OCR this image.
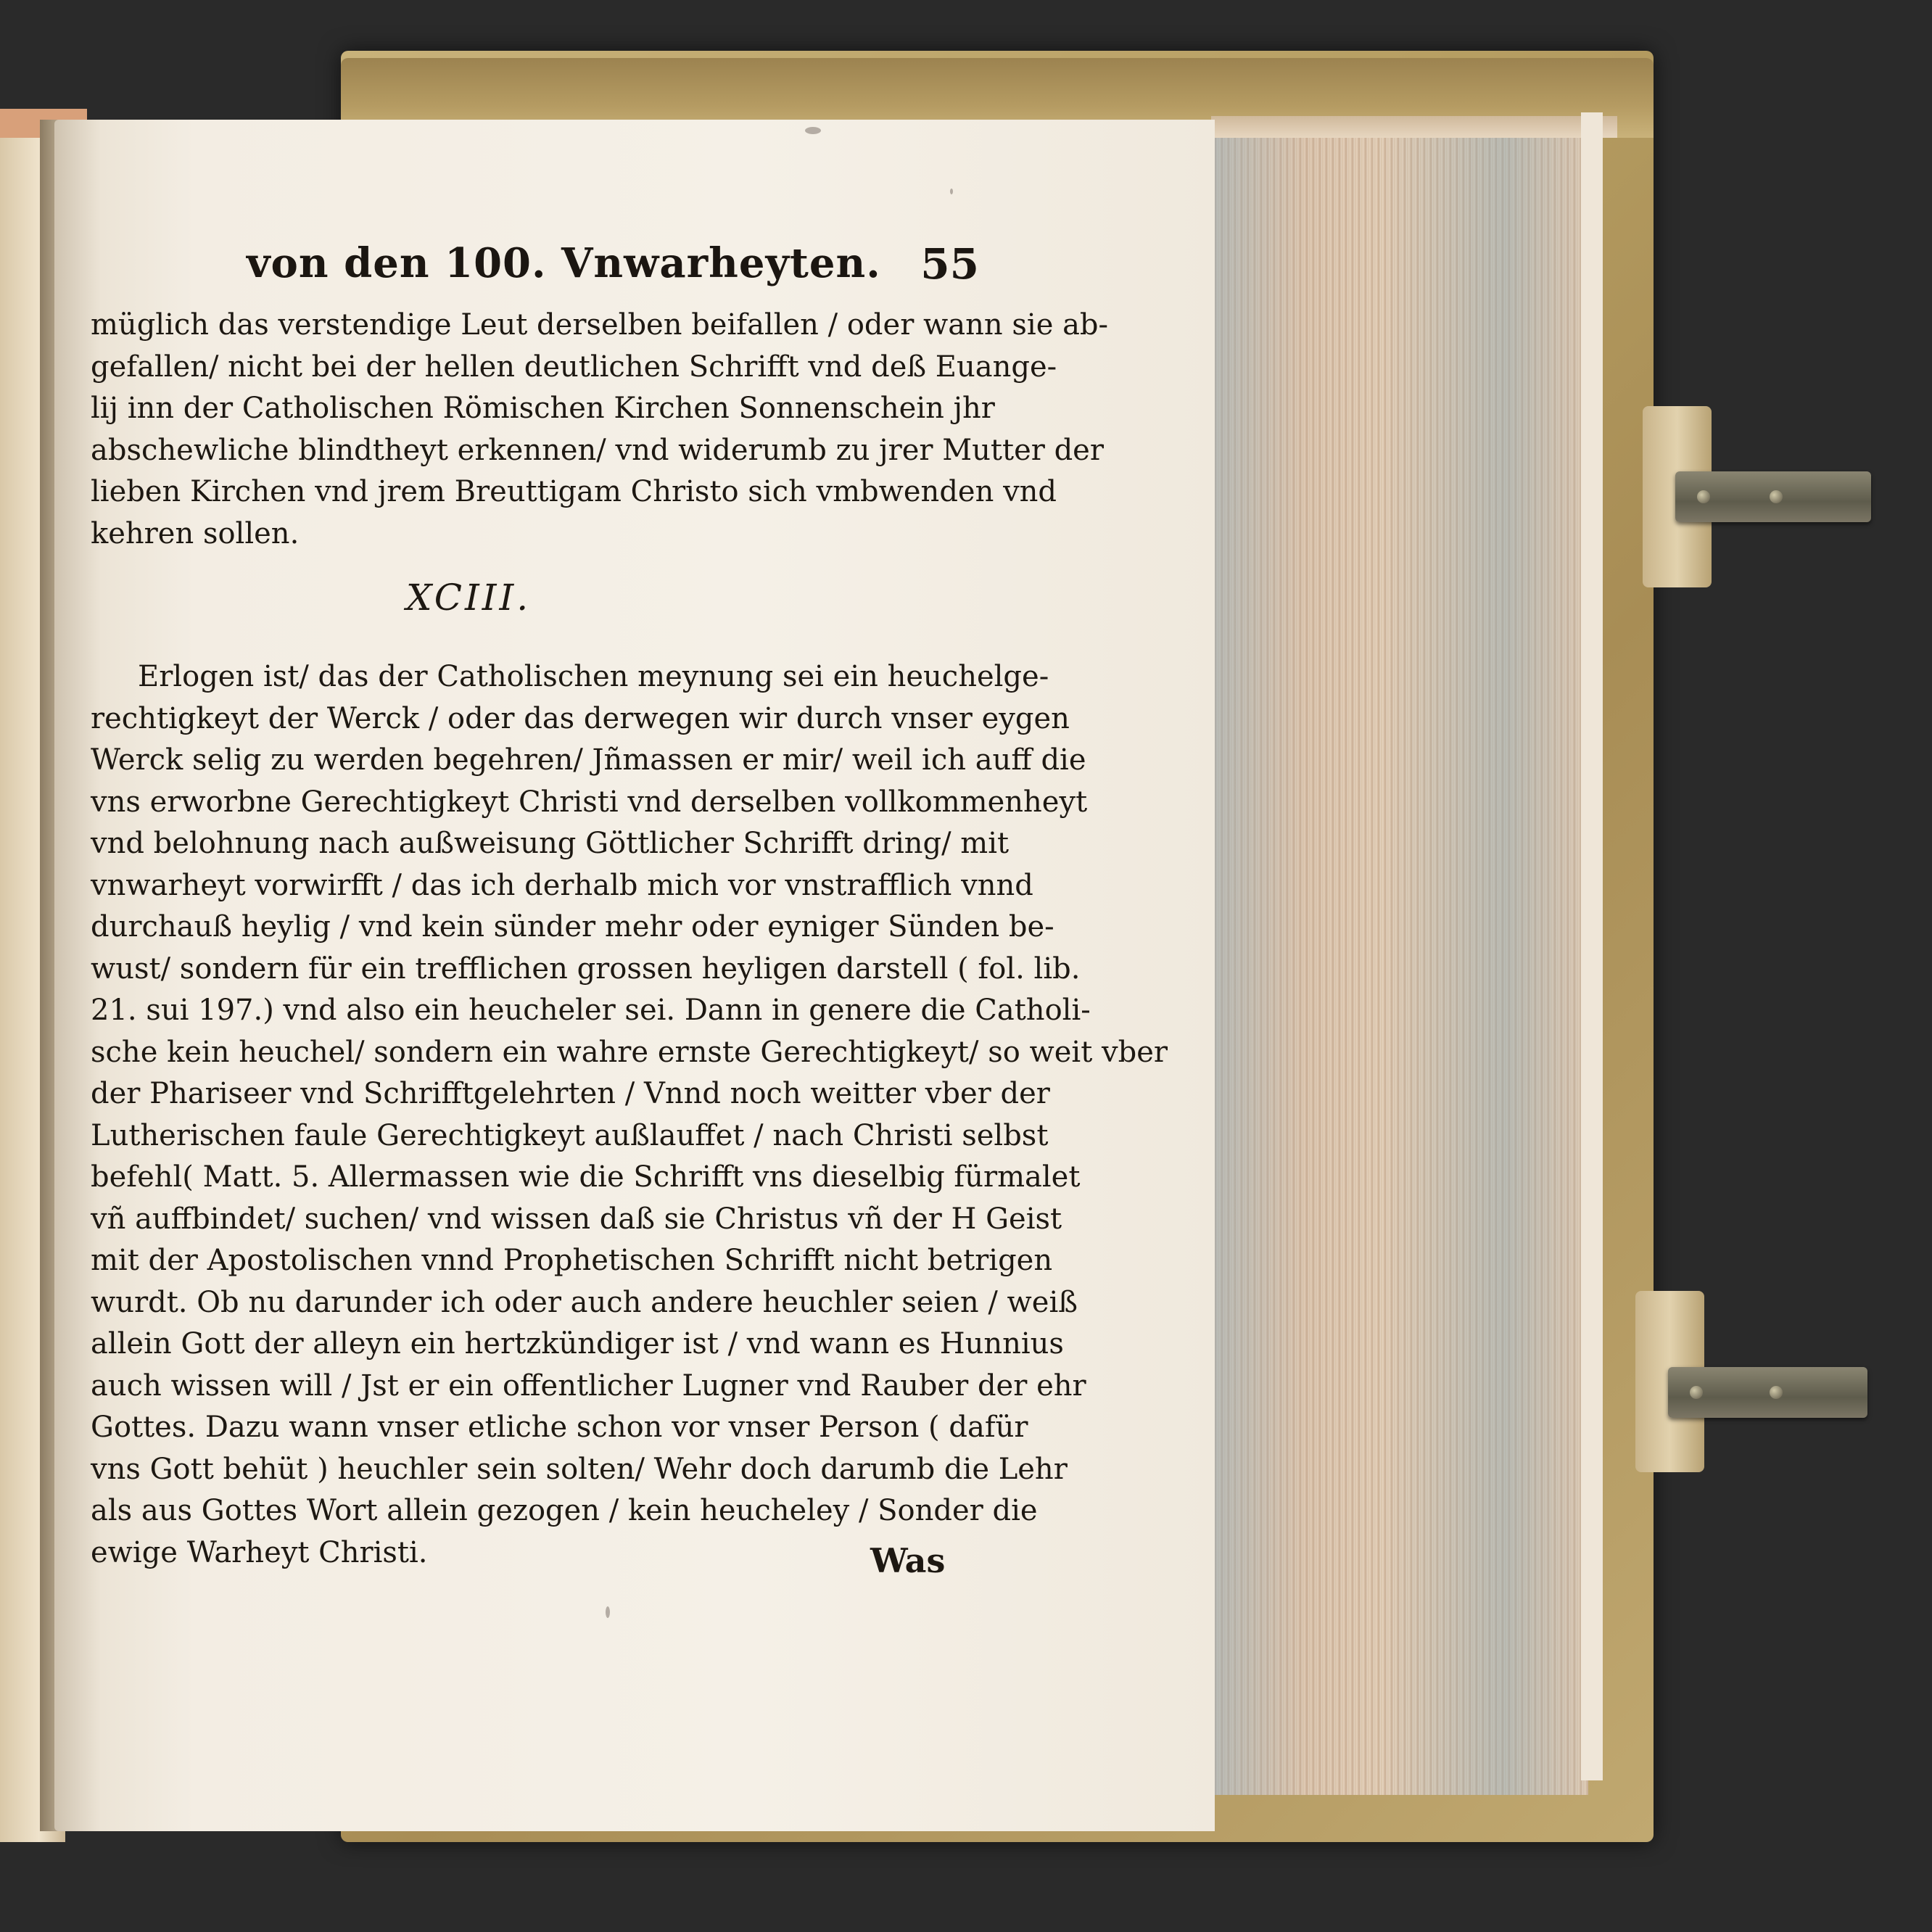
von den 100. Vnwarheyten. 55
müglich das verstendige Leut derselben beifallen / oder wann sie ab-
gefallen/ nicht bei der hellen deutlichen Schrifft vnd deß Euange-
lij inn der Catholischen Römischen Kirchen Sonnenschein jhr
abschewliche blindtheyt erkennen/ vnd widerumb zu jrer Mutter der
lieben Kirchen vnd jrem Breuttigam Christo sich vmbwenden vnd
kehren sollen.
XCIII.
Erlogen ist/ das der Catholischen meynung sei ein heuchelge-
rechtigkeyt der Werck / oder das derwegen wir durch vnser eygen
Werck selig zu werden begehren/ Jñmassen er mir/ weil ich auff die
vns erworbne Gerechtigkeyt Christi vnd derselben vollkommenheyt
vnd belohnung nach außweisung Göttlicher Schrifft dring/ mit
vnwarheyt vorwirfft / das ich derhalb mich vor vnstrafflich vnnd
durchauß heylig / vnd kein sünder mehr oder eyniger Sünden be-
wust/ sondern für ein trefflichen grossen heyligen darstell ( fol. lib.
21. sui 197.) vnd also ein heucheler sei. Dann in genere die Catholi-
sche kein heuchel/ sondern ein wahre ernste Gerechtigkeyt/ so weit vber
der Phariseer vnd Schrifftgelehrten / Vnnd noch weitter vber der
Lutherischen faule Gerechtigkeyt außlauffet / nach Christi selbst
befehl( Matt. 5. Allermassen wie die Schrifft vns dieselbig fürmalet
vñ auffbindet/ suchen/ vnd wissen daß sie Christus vñ der H Geist
mit der Apostolischen vnnd Prophetischen Schrifft nicht betrigen
wurdt. Ob nu darunder ich oder auch andere heuchler seien / weiß
allein Gott der alleyn ein hertzkündiger ist / vnd wann es Hunnius
auch wissen will / Jst er ein offentlicher Lugner vnd Rauber der ehr
Gottes. Dazu wann vnser etliche schon vor vnser Person ( dafür
vns Gott behüt ) heuchler sein solten/ Wehr doch darumb die Lehr
als aus Gottes Wort allein gezogen / kein heucheley / Sonder die
ewige Warheyt Christi.	Was
